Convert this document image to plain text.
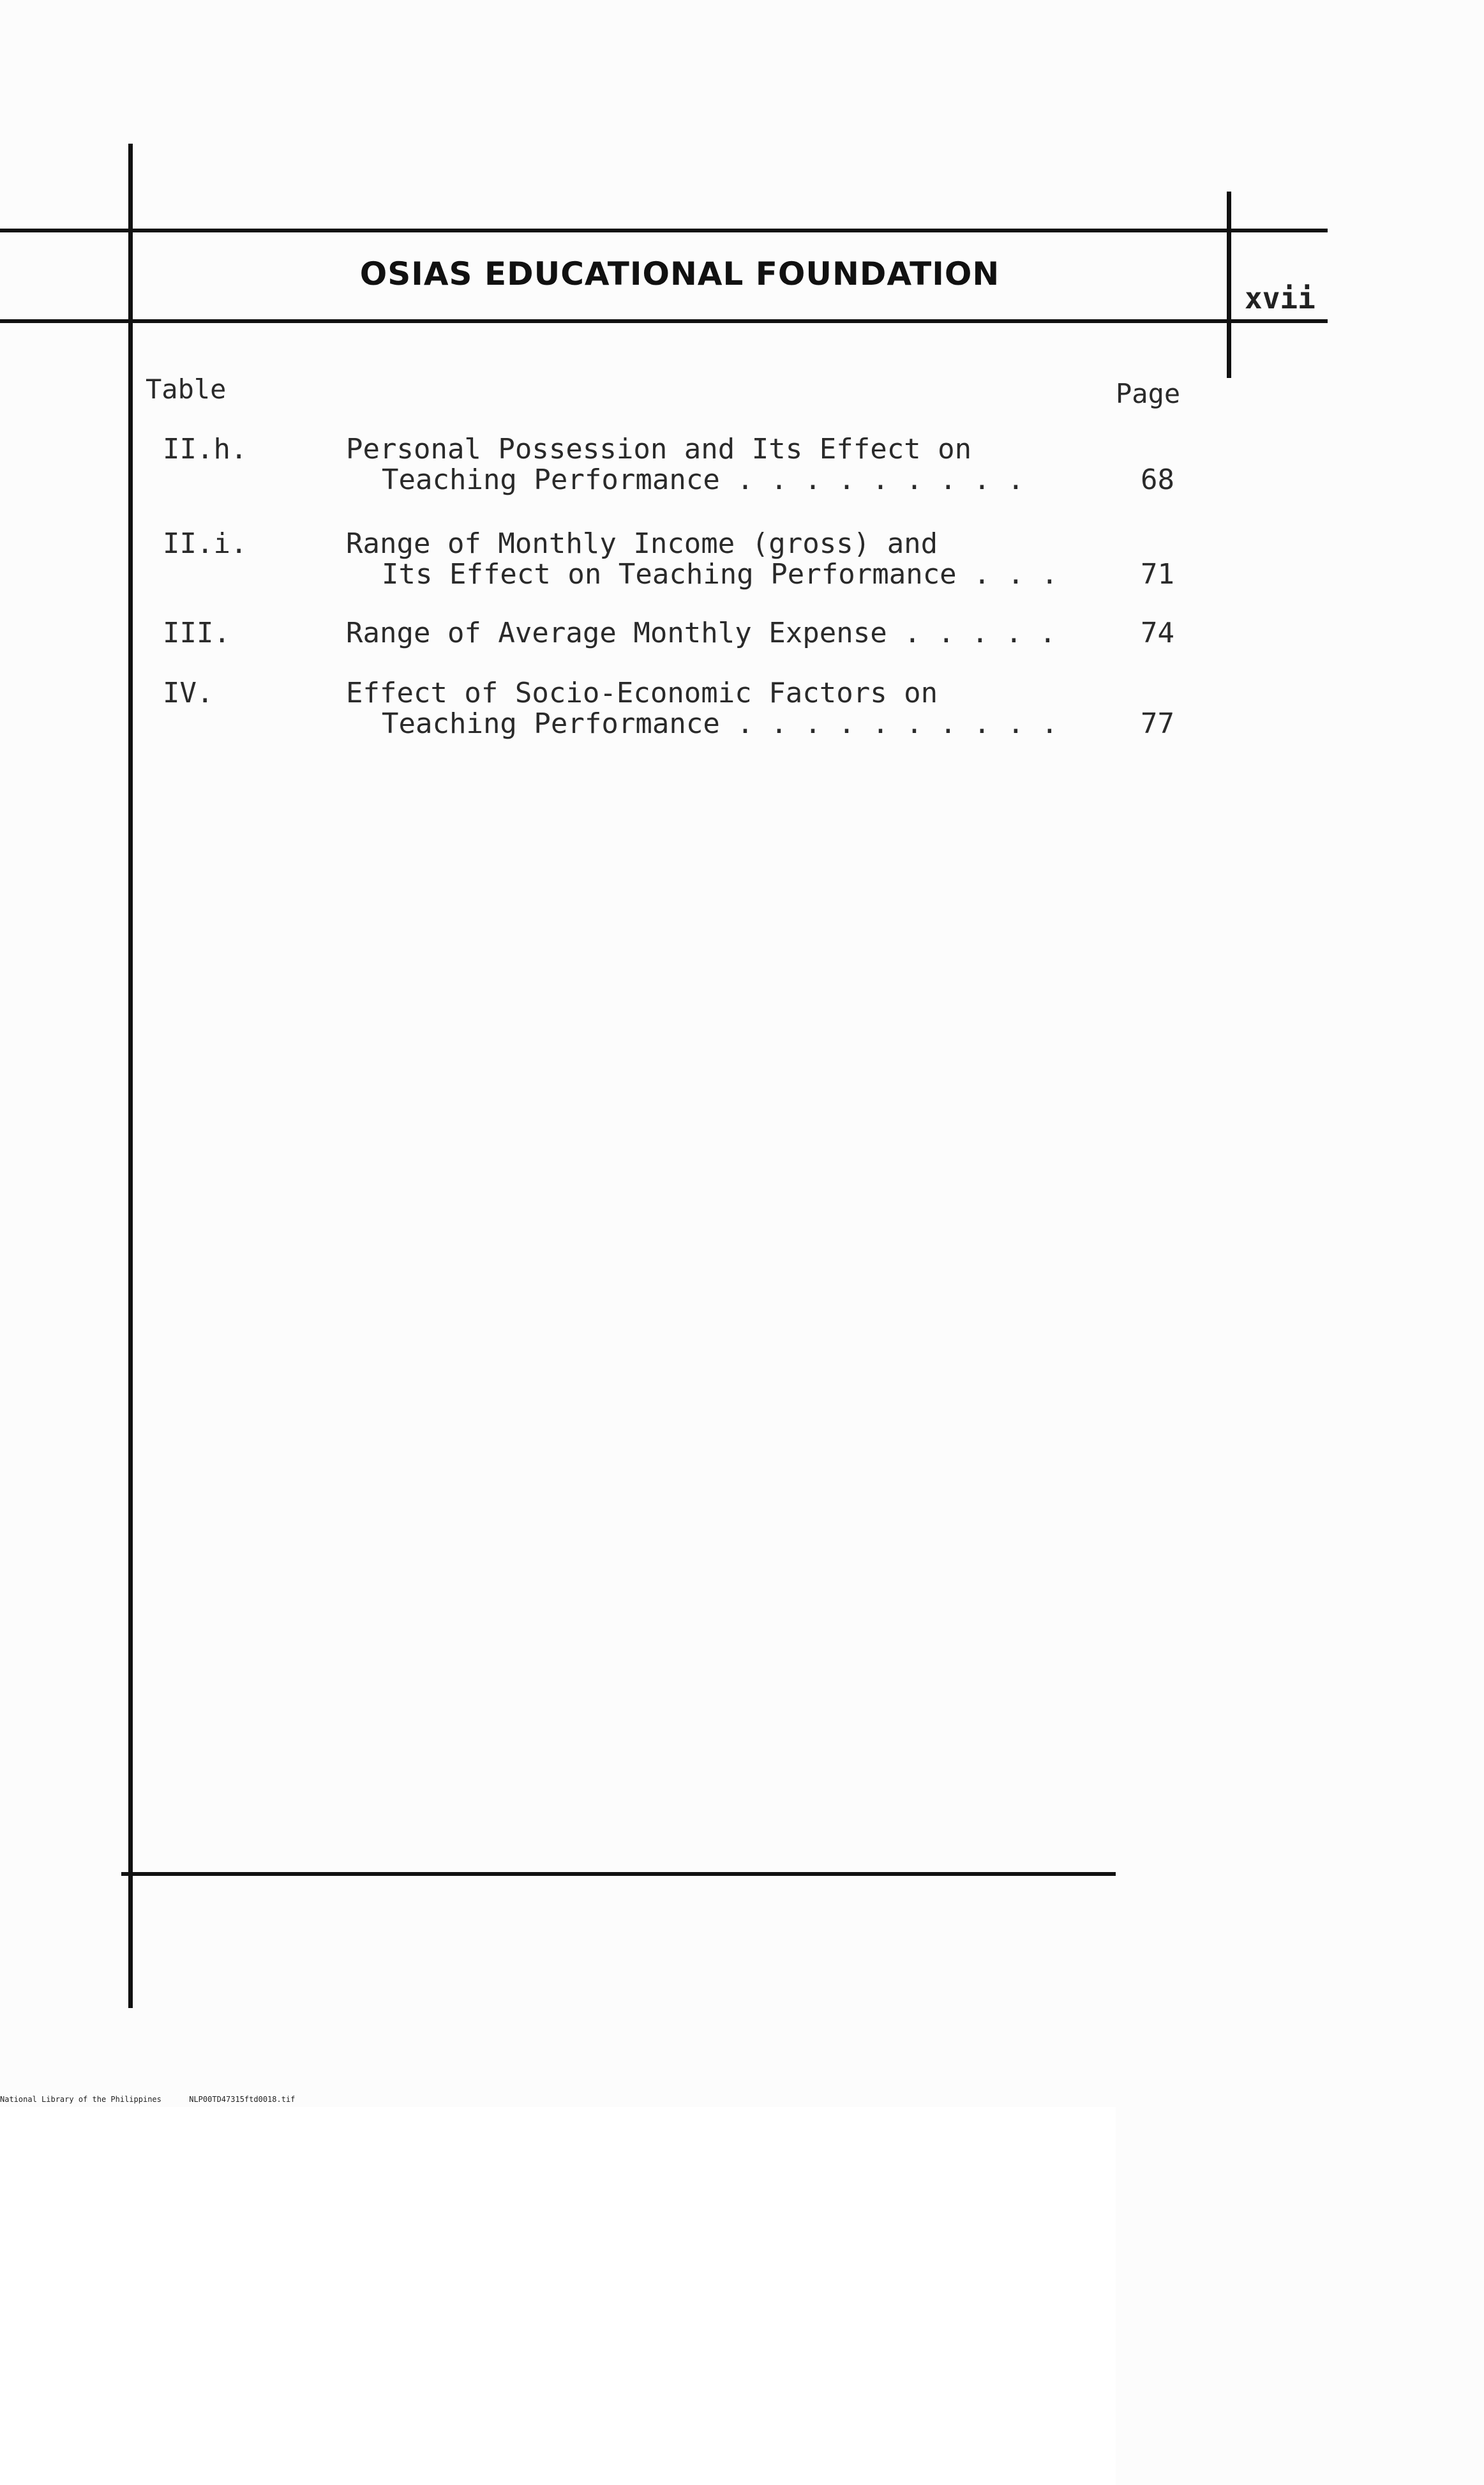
OSIAS EDUCATIONAL FOUNDATION
xvii
Table	Page
II.h.	Personal Possession and Its Effect on
Teaching Performance . . . . . . . . .	68
II.i.	Range of Monthly Income (gross) and
Its Effect on Teaching Performance . . .	71
III.	Range of Average Monthly Expense . . . . .	74
IV.	Effect of Socio-Economic Factors on
Teaching Performance . . . . . . . . . .	77
National Library of the Philippines	NLP00TD47315ftd0018.tif
